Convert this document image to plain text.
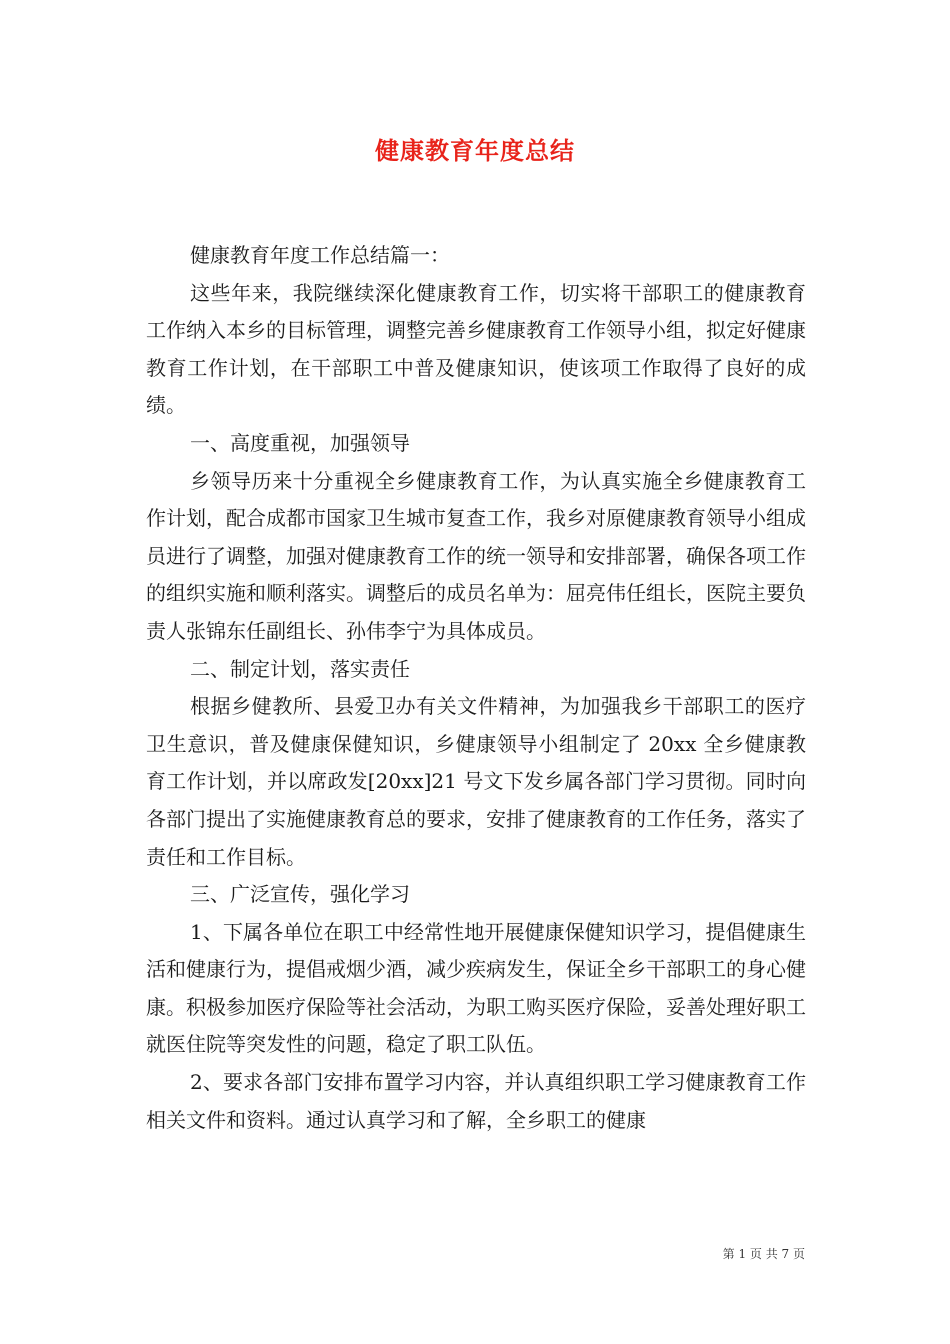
健康教育年度总结

健康教育年度工作总结篇一：

这些年来，我院继续深化健康教育工作，切实将干部职工的健康教育工作纳入本乡的目标管理，调整完善乡健康教育工作领导小组，拟定好健康教育工作计划，在干部职工中普及健康知识，使该项工作取得了良好的成绩。

一、高度重视，加强领导

乡领导历来十分重视全乡健康教育工作，为认真实施全乡健康教育工作计划，配合成都市国家卫生城市复查工作，我乡对原健康教育领导小组成员进行了调整，加强对健康教育工作的统一领导和安排部署，确保各项工作的组织实施和顺利落实。调整后的成员名单为：屈亮伟任组长，医院主要负责人张锦东任副组长、孙伟李宁为具体成员。

二、制定计划，落实责任

根据乡健教所、县爱卫办有关文件精神，为加强我乡干部职工的医疗卫生意识，普及健康保健知识，乡健康领导小组制定了 20xx 全乡健康教育工作计划，并以席政发[20xx]21 号文下发乡属各部门学习贯彻。同时向各部门提出了实施健康教育总的要求，安排了健康教育的工作任务，落实了责任和工作目标。

三、广泛宣传，强化学习

1、下属各单位在职工中经常性地开展健康保健知识学习，提倡健康生活和健康行为，提倡戒烟少酒，减少疾病发生，保证全乡干部职工的身心健康。积极参加医疗保险等社会活动，为职工购买医疗保险，妥善处理好职工就医住院等突发性的问题，稳定了职工队伍。

2、要求各部门安排布置学习内容，并认真组织职工学习健康教育工作相关文件和资料。通过认真学习和了解，全乡职工的健康

第 1 页 共 7 页
